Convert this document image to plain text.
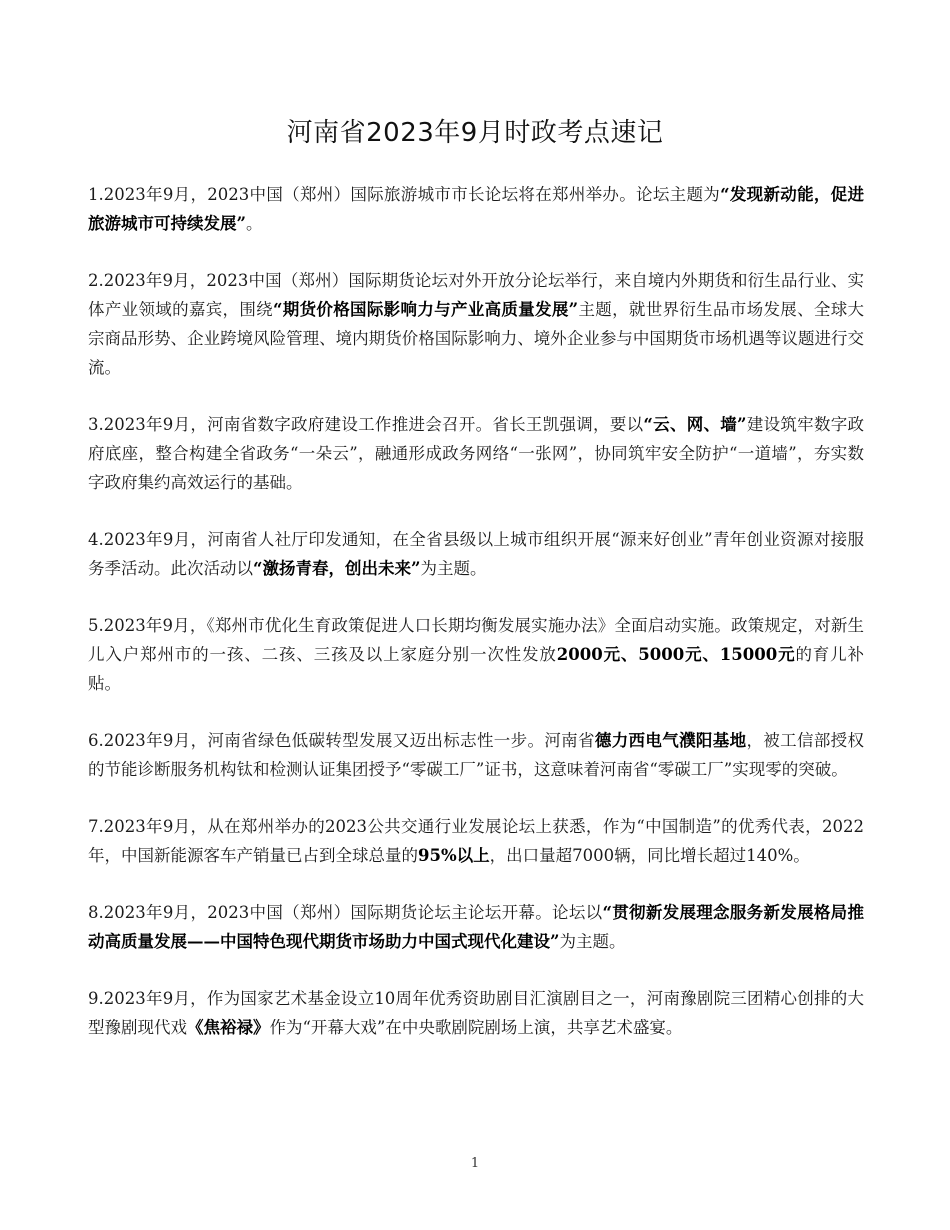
河南省2023年9月时政考点速记

1.2023年9月，2023中国（郑州）国际旅游城市市长论坛将在郑州举办。论坛主题为“发现新动能，促进旅游城市可持续发展”。

2.2023年9月，2023中国（郑州）国际期货论坛对外开放分论坛举行，来自境内外期货和衍生品行业、实体产业领域的嘉宾，围绕“期货价格国际影响力与产业高质量发展”主题，就世界衍生品市场发展、全球大宗商品形势、企业跨境风险管理、境内期货价格国际影响力、境外企业参与中国期货市场机遇等议题进行交流。

3.2023年9月，河南省数字政府建设工作推进会召开。省长王凯强调，要以“云、网、墙”建设筑牢数字政府底座，整合构建全省政务“一朵云”，融通形成政务网络“一张网”，协同筑牢安全防护“一道墙”，夯实数字政府集约高效运行的基础。

4.2023年9月，河南省人社厅印发通知，在全省县级以上城市组织开展“源来好创业”青年创业资源对接服务季活动。此次活动以“激扬青春，创出未来”为主题。

5.2023年9月，《郑州市优化生育政策促进人口长期均衡发展实施办法》全面启动实施。政策规定，对新生儿入户郑州市的一孩、二孩、三孩及以上家庭分别一次性发放2000元、5000元、15000元的育儿补贴。

6.2023年9月，河南省绿色低碳转型发展又迈出标志性一步。河南省德力西电气濮阳基地，被工信部授权的节能诊断服务机构钛和检测认证集团授予“零碳工厂”证书，这意味着河南省“零碳工厂”实现零的突破。

7.2023年9月，从在郑州举办的2023公共交通行业发展论坛上获悉，作为“中国制造”的优秀代表，2022年，中国新能源客车产销量已占到全球总量的95%以上，出口量超7000辆，同比增长超过140%。

8.2023年9月，2023中国（郑州）国际期货论坛主论坛开幕。论坛以“贯彻新发展理念服务新发展格局推动高质量发展——中国特色现代期货市场助力中国式现代化建设”为主题。

9.2023年9月，作为国家艺术基金设立10周年优秀资助剧目汇演剧目之一，河南豫剧院三团精心创排的大型豫剧现代戏《焦裕禄》作为“开幕大戏”在中央歌剧院剧场上演，共享艺术盛宴。

1
